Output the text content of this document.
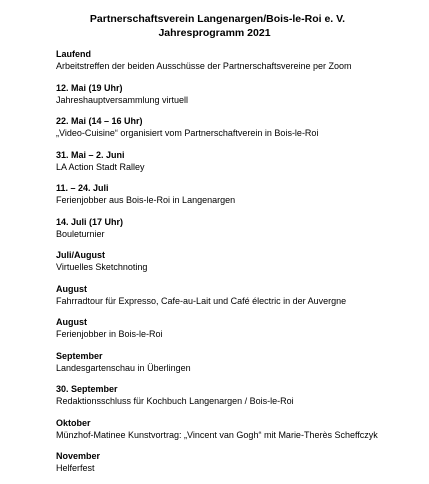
Partnerschaftsverein Langenargen/Bois-le-Roi e. V.
Jahresprogramm 2021
Laufend
Arbeitstreffen der beiden Ausschüsse der Partnerschaftsvereine per Zoom
12. Mai (19 Uhr)
Jahreshauptversammlung virtuell
22. Mai (14 – 16 Uhr)
„Video-Cuisine“ organisiert vom Partnerschaftverein in Bois-le-Roi
31. Mai – 2. Juni
LA Action Stadt Ralley
11. – 24. Juli
Ferienjobber aus Bois-le-Roi in Langenargen
14. Juli (17 Uhr)
Bouleturnier
Juli/August
Virtuelles Sketchnoting
August
Fahrradtour für Expresso, Cafe-au-Lait und Café électric in der Auvergne
August
Ferienjobber in Bois-le-Roi
September
Landesgartenschau in Überlingen
30. September
Redaktionsschluss für Kochbuch Langenargen / Bois-le-Roi
Oktober
Münzhof-Matinee Kunstvortrag: „Vincent van Gogh“ mit Marie-Therès Scheffczyk
November
Helferfest
